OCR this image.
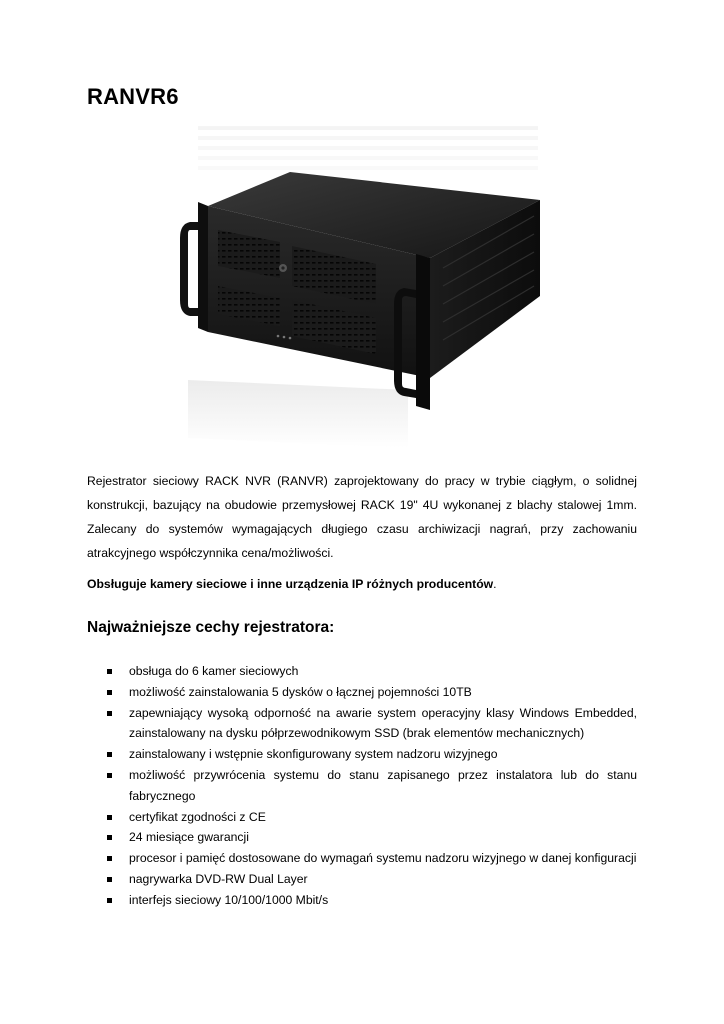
RANVR6

Rejestrator sieciowy RACK NVR (RANVR) zaprojektowany do pracy w trybie ciągłym, o solidnej konstrukcji, bazujący na obudowie przemysłowej RACK 19" 4U wykonanej z blachy stalowej 1mm. Zalecany do systemów wymagających długiego czasu archiwizacji nagrań, przy zachowaniu atrakcyjnego współczynnika cena/możliwości.

Obsługuje kamery sieciowe i inne urządzenia IP różnych producentów.

Najważniejsze cechy rejestratora:
obsługa do 6 kamer sieciowych
możliwość zainstalowania 5 dysków o łącznej pojemności 10TB
zapewniający wysoką odporność na awarie system operacyjny klasy Windows Embedded, zainstalowany na dysku półprzewodnikowym SSD (brak elementów mechanicznych)
zainstalowany i wstępnie skonfigurowany system nadzoru wizyjnego
możliwość przywrócenia systemu do stanu zapisanego przez instalatora lub do stanu fabrycznego
certyfikat zgodności z CE
24 miesiące gwarancji
procesor i pamięć dostosowane do wymagań systemu nadzoru wizyjnego w danej konfiguracji
nagrywarka DVD-RW Dual Layer
interfejs sieciowy 10/100/1000 Mbit/s
